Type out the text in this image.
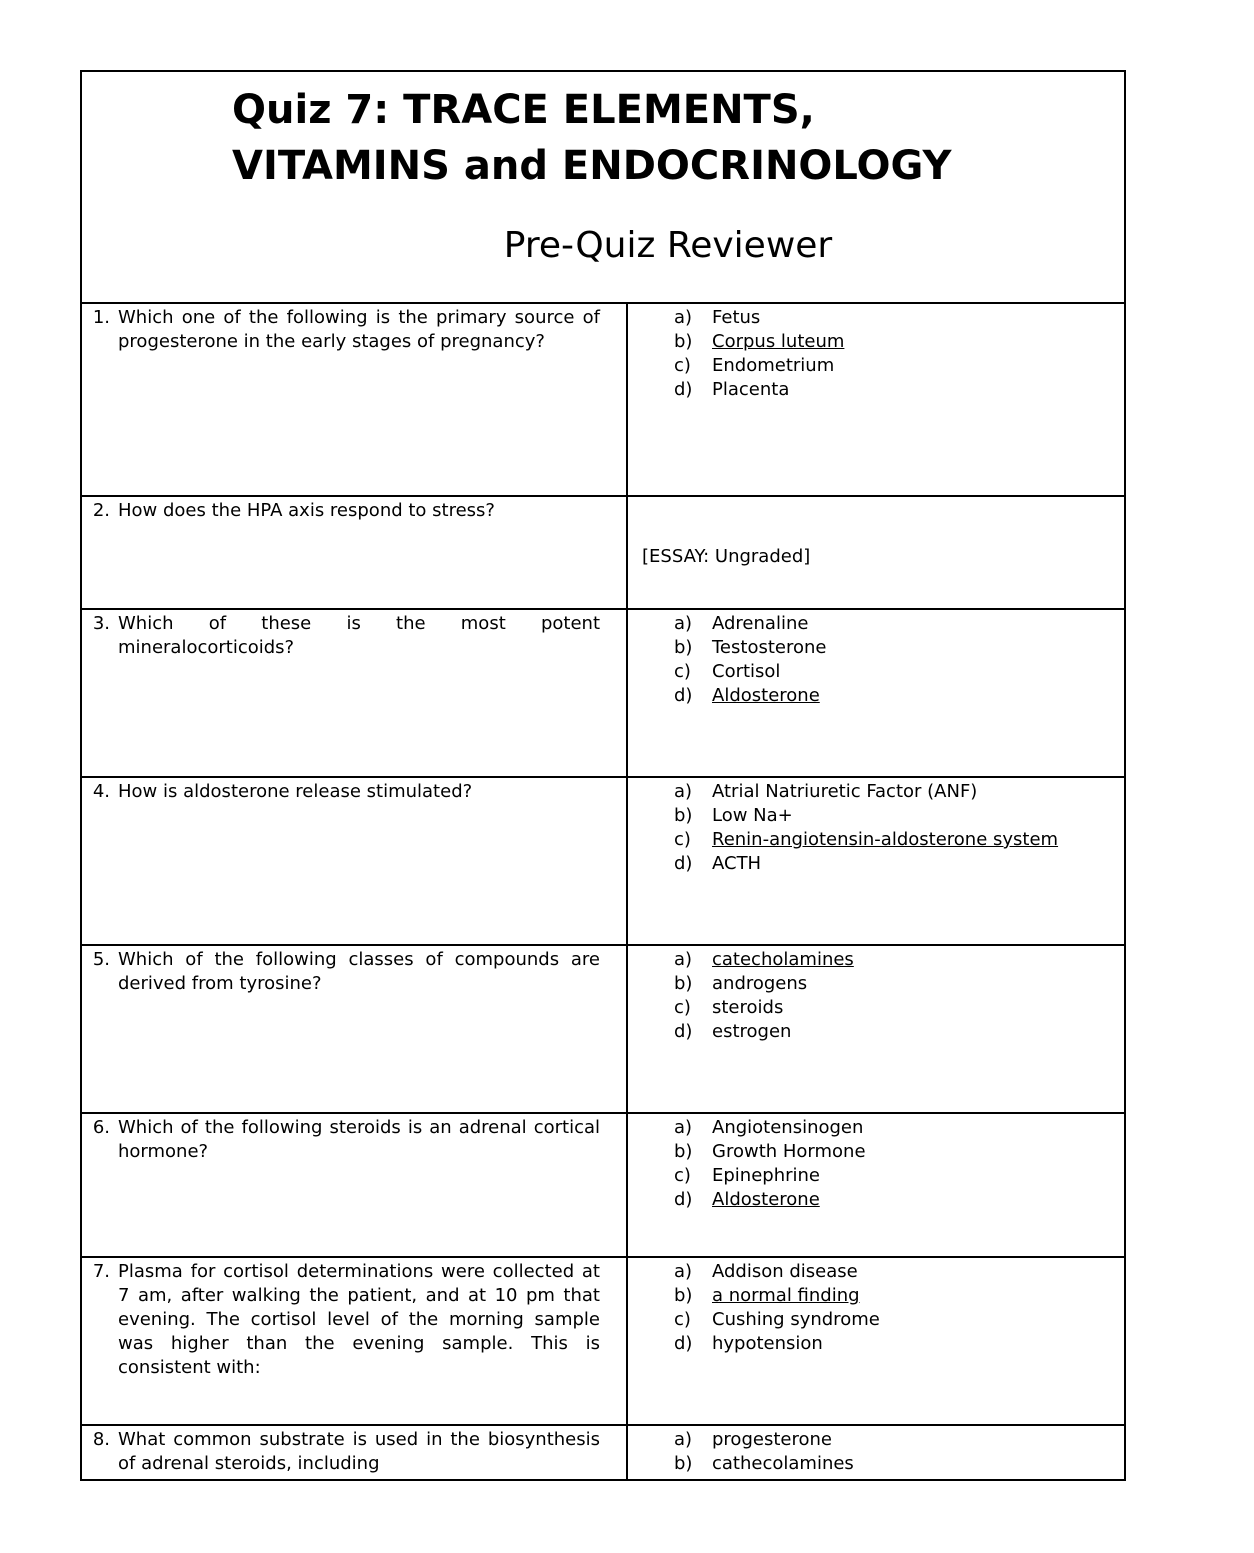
Quiz 7: TRACE ELEMENTS,
VITAMINS and ENDOCRINOLOGY
Pre-Quiz Reviewer
1. Which one of the following is the primary source of progesterone in the early stages of pregnancy?
a) Fetus
b) Corpus luteum
c) Endometrium
d) Placenta
2. How does the HPA axis respond to stress?
[ESSAY: Ungraded]
3. Which of these is the most potent mineralocorticoids?
a) Adrenaline
b) Testosterone
c) Cortisol
d) Aldosterone
4. How is aldosterone release stimulated?	a) Atrial Natriuretic Factor (ANF)
b) Low Na+
c) Renin-angiotensin-aldosterone system
d) ACTH
5. Which of the following classes of compounds are derived from tyrosine?
a) catecholamines
b) androgens
c) steroids
d) estrogen
6. Which of the following steroids is an adrenal cortical hormone?
a) Angiotensinogen
b) Growth Hormone
c) Epinephrine
d) Aldosterone
7. Plasma for cortisol determinations were collected at 7 am, after walking the patient, and at 10 pm that evening. The cortisol level of the morning sample was higher than the evening sample. This is consistent with:
a) Addison disease
b) a normal finding
c) Cushing syndrome
d) hypotension
8. What common substrate is used in the biosynthesis of adrenal steroids, including
a) progesterone
b) cathecolamines
